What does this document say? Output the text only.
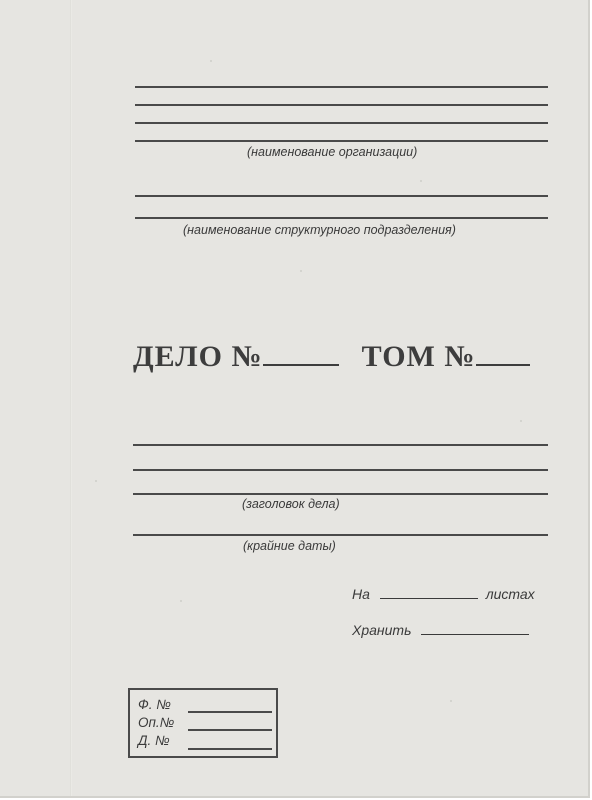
(наименование организации)
(наименование структурного подразделения)
ДЕЛО №	ТОМ №
(заголовок дела)
(крайние даты)
На	листах
Хранить
Ф. №
Оп.№
Д. №
